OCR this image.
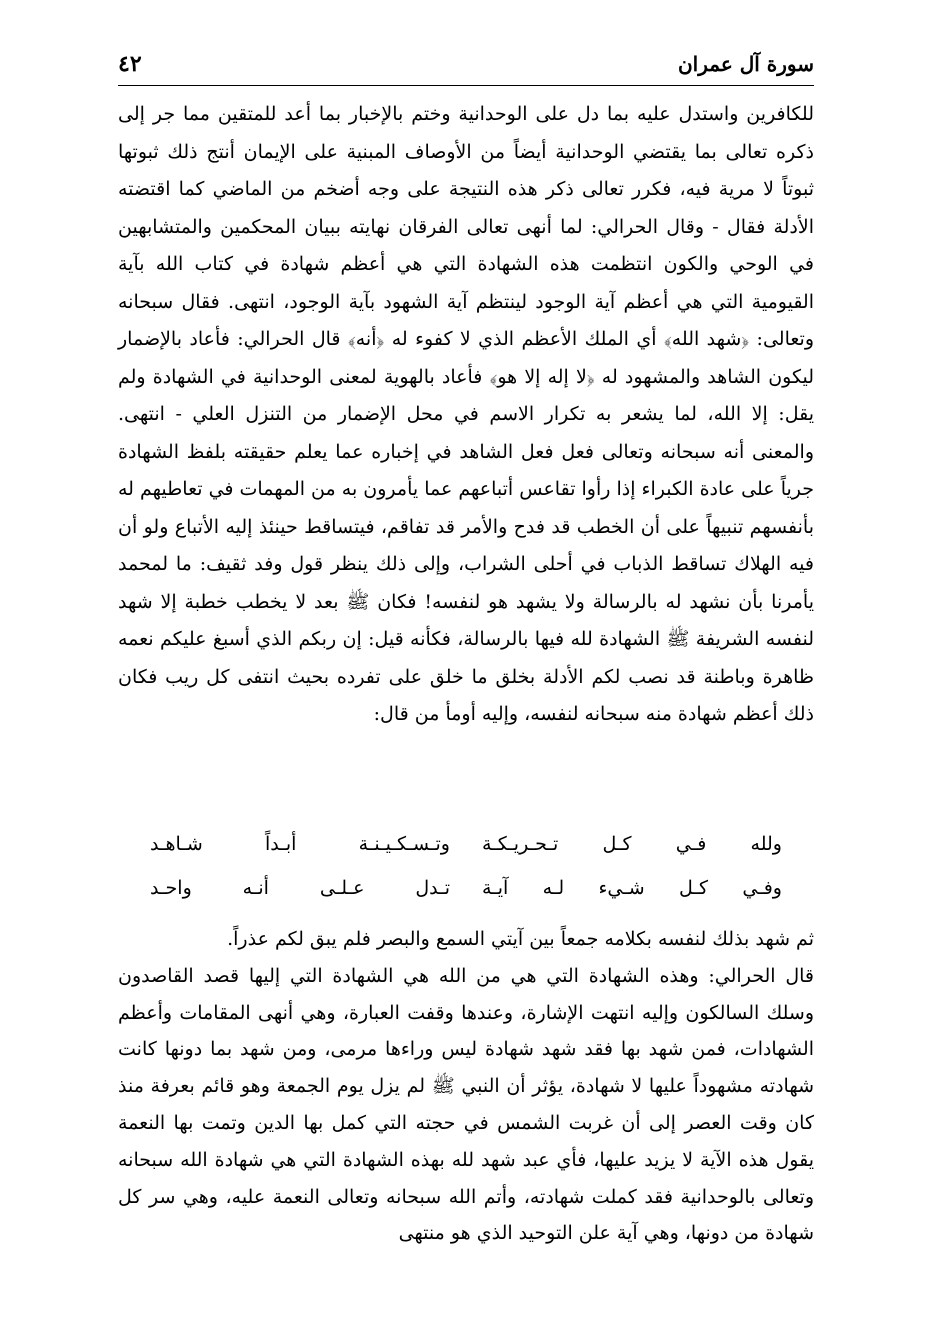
سورة آل عمران
٤٢

للكافرين واستدل عليه بما دل على الوحدانية وختم بالإخبار بما أعد للمتقين مما جر إلى ذكره تعالى بما يقتضي الوحدانية أيضاً من الأوصاف المبنية على الإيمان أنتج ذلك ثبوتها ثبوتاً لا مرية فيه، فكرر تعالى ذكر هذه النتيجة على وجه أضخم من الماضي كما اقتضته الأدلة فقال - وقال الحرالي: لما أنهى تعالى الفرقان نهايته ببيان المحكمين والمتشابهين في الوحي والكون انتظمت هذه الشهادة التي هي أعظم شهادة في كتاب الله بآية القيومية التي هي أعظم آية الوجود لينتظم آية الشهود بآية الوجود، انتهى. فقال سبحانه وتعالى: ﴿شهد الله﴾ أي الملك الأعظم الذي لا كفوء له ﴿أنه﴾ قال الحرالي: فأعاد بالإضمار ليكون الشاهد والمشهود له ﴿لا إله إلا هو﴾ فأعاد بالهوية لمعنى الوحدانية في الشهادة ولم يقل: إلا الله، لما يشعر به تكرار الاسم في محل الإضمار من التنزل العلي - انتهى. والمعنى أنه سبحانه وتعالى فعل فعل الشاهد في إخباره عما يعلم حقيقته بلفظ الشهادة جرياً على عادة الكبراء إذا رأوا تقاعس أتباعهم عما يأمرون به من المهمات في تعاطيهم له بأنفسهم تنبيهاً على أن الخطب قد فدح والأمر قد تفاقم، فيتساقط حينئذ إليه الأتباع ولو أن فيه الهلاك تساقط الذباب في أحلى الشراب، وإلى ذلك ينظر قول وفد ثقيف: ما لمحمد يأمرنا بأن نشهد له بالرسالة ولا يشهد هو لنفسه! فكان ﷺ بعد لا يخطب خطبة إلا شهد لنفسه الشريفة ﷺ الشهادة لله فيها بالرسالة، فكأنه قيل: إن ربكم الذي أسبغ عليكم نعمه ظاهرة وباطنة قد نصب لكم الأدلة بخلق ما خلق على تفرده بحيث انتفى كل ريب فكان ذلك أعظم شهادة منه سبحانه لنفسه، وإليه أومأ من قال:

ولله فـي كـل تـحـريـكـة
وتـسـكـيـنـة أبـداً شـاهـد
وفـي كـل شـيء لـه آيـة
تـدل عـلـى أنـه واحـد

ثم شهد بذلك لنفسه بكلامه جمعاً بين آيتي السمع والبصر فلم يبق لكم عذراً.

قال الحرالي: وهذه الشهادة التي هي من الله هي الشهادة التي إليها قصد القاصدون وسلك السالكون وإليه انتهت الإشارة، وعندها وقفت العبارة، وهي أنهى المقامات وأعظم الشهادات، فمن شهد بها فقد شهد شهادة ليس وراءها مرمى، ومن شهد بما دونها كانت شهادته مشهوداً عليها لا شهادة، يؤثر أن النبي ﷺ لم يزل يوم الجمعة وهو قائم بعرفة منذ كان وقت العصر إلى أن غربت الشمس في حجته التي كمل بها الدين وتمت بها النعمة يقول هذه الآية لا يزيد عليها، فأي عبد شهد لله بهذه الشهادة التي هي شهادة الله سبحانه وتعالى بالوحدانية فقد كملت شهادته، وأتم الله سبحانه وتعالى النعمة عليه، وهي سر كل شهادة من دونها، وهي آية علن التوحيد الذي هو منتهى
